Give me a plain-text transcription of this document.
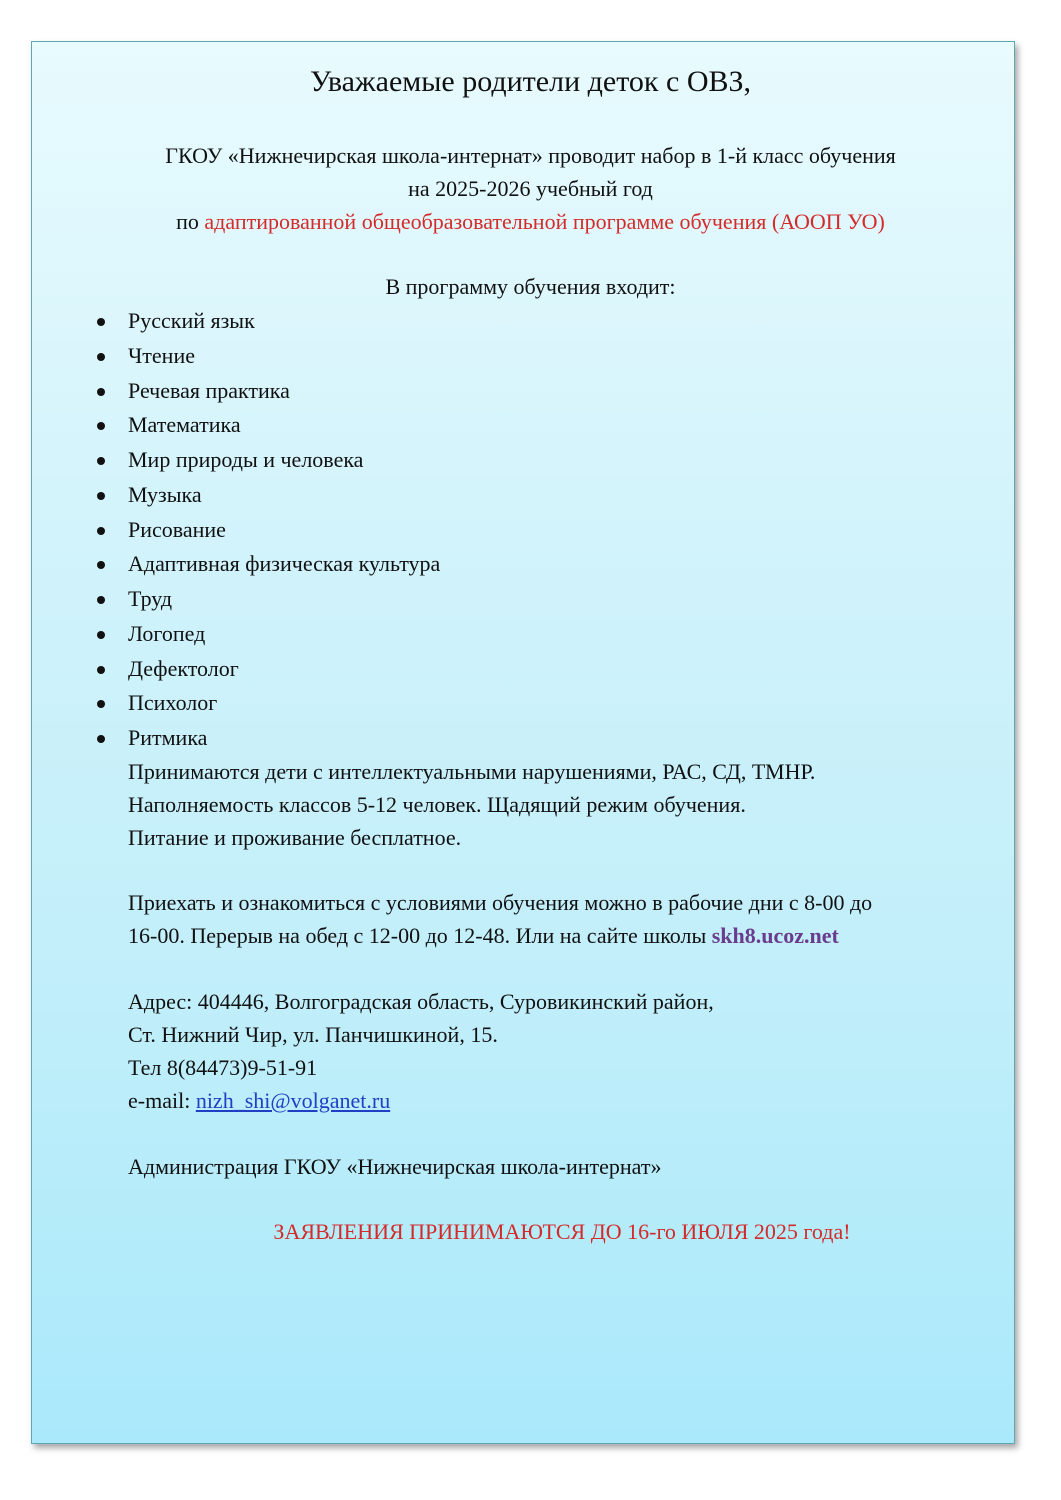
Уважаемые родители деток с ОВЗ,
ГКОУ «Нижнечирская школа-интернат» проводит набор в 1-й класс обучения
на 2025-2026 учебный год
по адаптированной общеобразовательной программе обучения (АООП УО)
В программу обучения входит:
Русский язык
Чтение
Речевая практика
Математика
Мир природы и человека
Музыка
Рисование
Адаптивная физическая культура
Труд
Логопед
Дефектолог
Психолог
Ритмика
Принимаются дети с интеллектуальными нарушениями, РАС, СД, ТМНР.
Наполняемость классов 5-12 человек. Щадящий режим обучения.
Питание и проживание бесплатное.
Приехать и ознакомиться с условиями обучения можно в рабочие дни с 8-00 до
16-00. Перерыв на обед с 12-00 до 12-48. Или на сайте школы skh8.ucoz.net
Адрес: 404446, Волгоградская область, Суровикинский район,
Ст. Нижний Чир, ул. Панчишкиной, 15.
Тел 8(84473)9-51-91
e-mail: nizh_shi@volganet.ru
Администрация ГКОУ «Нижнечирская школа-интернат»
ЗАЯВЛЕНИЯ ПРИНИМАЮТСЯ ДО 16-го ИЮЛЯ 2025 года!
